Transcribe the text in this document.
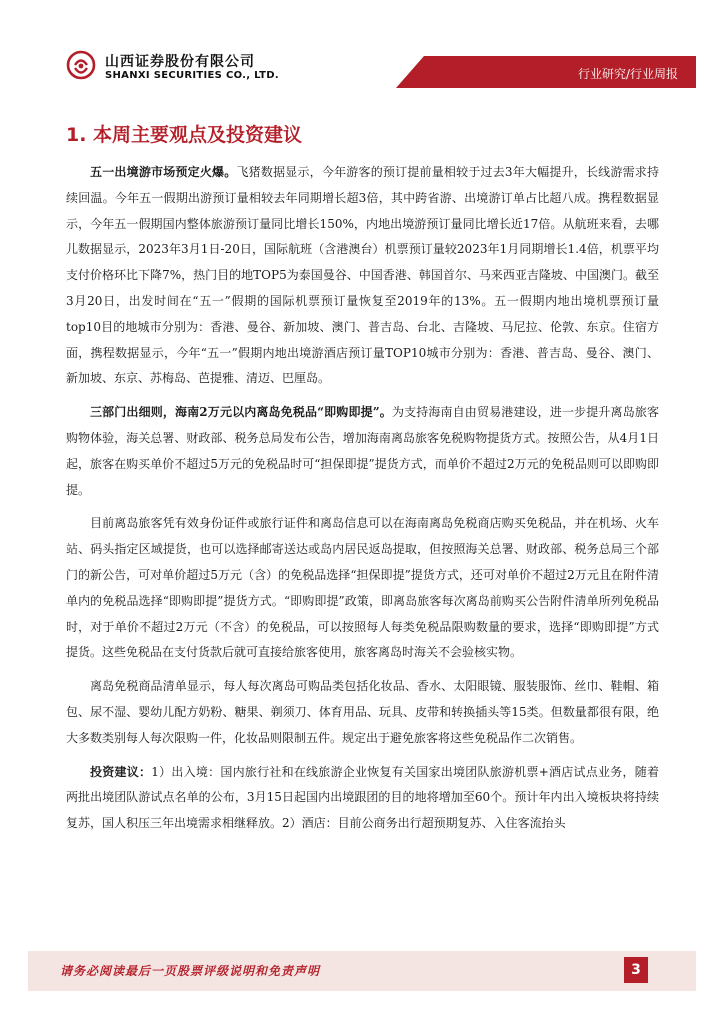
山西证券股份有限公司
SHANXI SECURITIES CO., LTD.	行业研究/行业周报
1. 本周主要观点及投资建议

五一出境游市场预定火爆。飞猪数据显示，今年游客的预订提前量相较于过去3年大幅提升，长线游需求持续回温。今年五一假期出游预订量相较去年同期增长超3倍，其中跨省游、出境游订单占比超八成。携程数据显示，今年五一假期国内整体旅游预订量同比增长150%，内地出境游预订量同比增长近17倍。从航班来看，去哪儿数据显示，2023年3月1日-20日，国际航班（含港澳台）机票预订量较2023年1月同期增长1.4倍，机票平均支付价格环比下降7%，热门目的地TOP5为泰国曼谷、中国香港、韩国首尔、马来西亚吉隆坡、中国澳门。截至3月20日，出发时间在“五一”假期的国际机票预订量恢复至2019年的13%。五一假期内地出境机票预订量top10目的地城市分别为：香港、曼谷、新加坡、澳门、普吉岛、台北、吉隆坡、马尼拉、伦敦、东京。住宿方面，携程数据显示，今年“五一”假期内地出境游酒店预订量TOP10城市分别为：香港、普吉岛、曼谷、澳门、新加坡、东京、苏梅岛、芭提雅、清迈、巴厘岛。

三部门出细则，海南2万元以内离岛免税品“即购即提”。为支持海南自由贸易港建设，进一步提升离岛旅客购物体验，海关总署、财政部、税务总局发布公告，增加海南离岛旅客免税购物提货方式。按照公告，从4月1日起，旅客在购买单价不超过5万元的免税品时可“担保即提”提货方式，而单价不超过2万元的免税品则可以即购即提。

目前离岛旅客凭有效身份证件或旅行证件和离岛信息可以在海南离岛免税商店购买免税品，并在机场、火车站、码头指定区域提货，也可以选择邮寄送达或岛内居民返岛提取，但按照海关总署、财政部、税务总局三个部门的新公告，可对单价超过5万元（含）的免税品选择“担保即提”提货方式，还可对单价不超过2万元且在附件清单内的免税品选择“即购即提”提货方式。“即购即提”政策，即离岛旅客每次离岛前购买公告附件清单所列免税品时，对于单价不超过2万元（不含）的免税品，可以按照每人每类免税品限购数量的要求，选择“即购即提”方式提货。这些免税品在支付货款后就可直接给旅客使用，旅客离岛时海关不会验核实物。

离岛免税商品清单显示，每人每次离岛可购品类包括化妆品、香水、太阳眼镜、服装服饰、丝巾、鞋帽、箱包、尿不湿、婴幼儿配方奶粉、糖果、剃须刀、体育用品、玩具、皮带和转换插头等15类。但数量都很有限，绝大多数类别每人每次限购一件，化妆品则限制五件。规定出于避免旅客将这些免税品作二次销售。

投资建议：1）出入境：国内旅行社和在线旅游企业恢复有关国家出境团队旅游机票+酒店试点业务，随着两批出境团队游试点名单的公布，3月15日起国内出境跟团的目的地将增加至60个。预计年内出入境板块将持续复苏，国人积压三年出境需求相继释放。2）酒店：目前公商务出行超预期复苏、入住客流抬头

请务必阅读最后一页股票评级说明和免责声明	3
